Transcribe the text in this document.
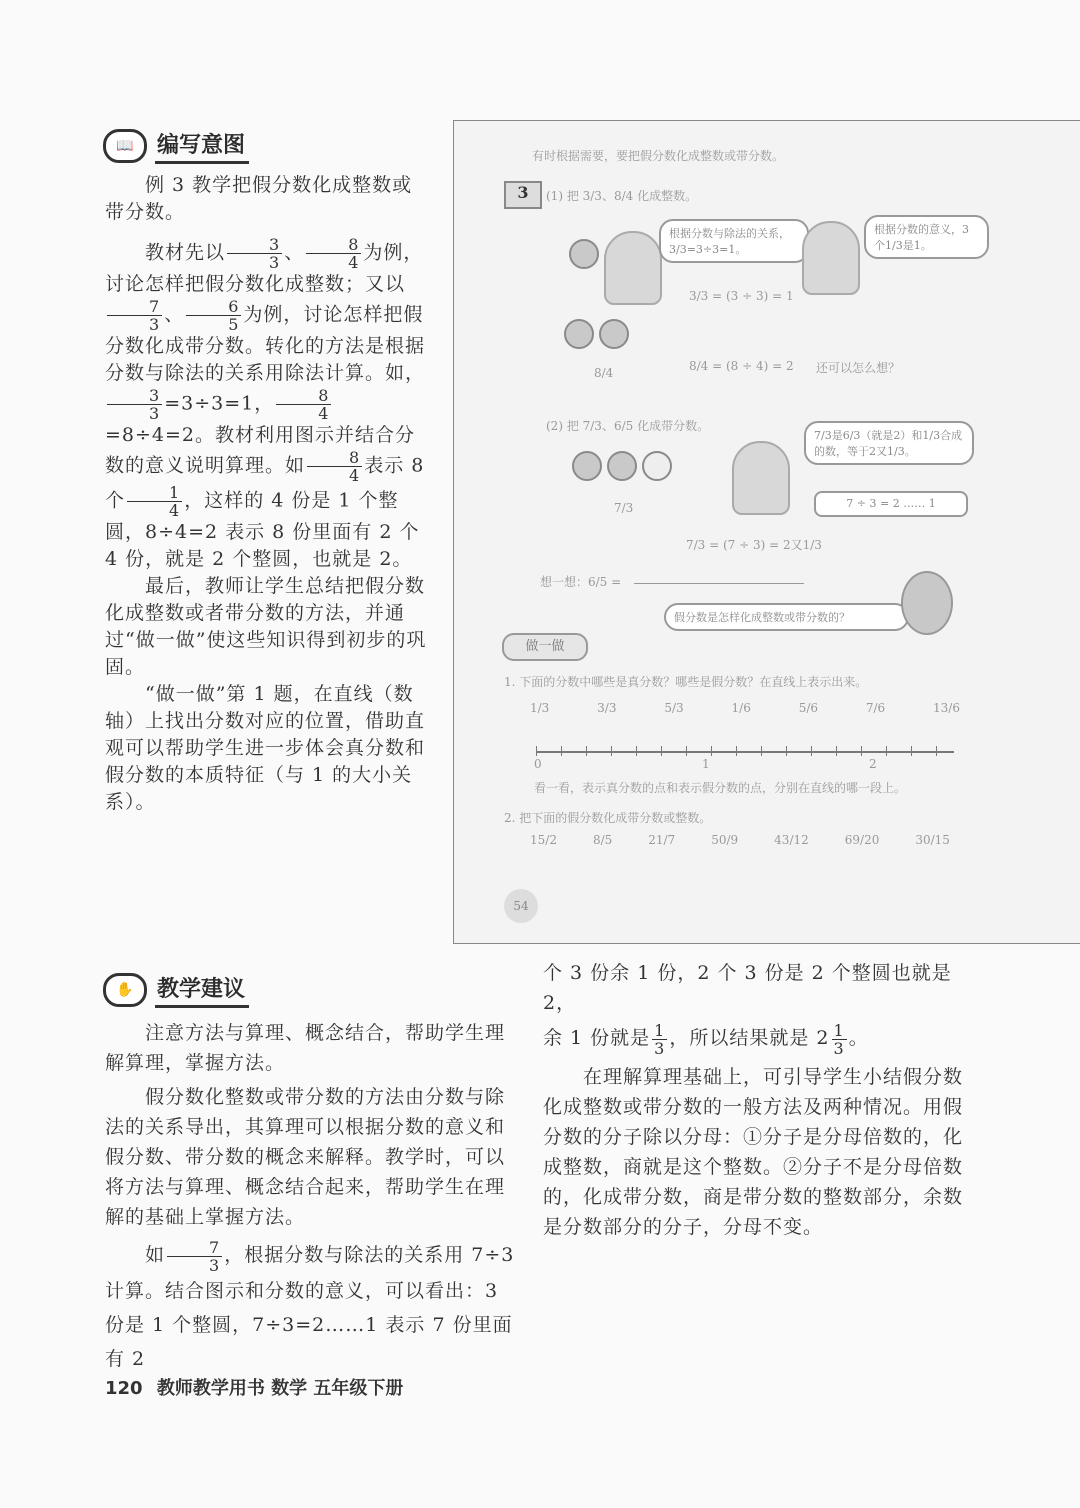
📖	编写意图

例 3 教学把假分数化成整数或带分数。

教材先以 $\frac{3}{3}$ 、 $\frac{8}{4}$ 为例，讨论怎样把假分数化成整数；又以
$\frac{7}{3}$ 、 $\frac{6}{5}$ 为例，讨论怎样把假分数化成带分数。转化的方法是根据分数与除法的关系用除法计算。如，
$\frac{3}{3} =3\div 3=1$， $\frac{8}{4}$
=8÷4=2。教材利用图示并结合分数的意义说明算理。如 $\frac{8}{4}$ 表示 8 个 $\frac{1}{4}$ ，这样的 4 份是 1 个整圆，8÷4=2 表示 8 份里面有 2 个 4 份，就是 2 个整圆，也就是 2。

最后，教师让学生总结把假分数化成整数或者带分数的方法，并通过“做一做”使这些知识得到初步的巩固。

“做一做”第 1 题，在直线（数轴）上找出分数对应的位置，借助直观可以帮助学生进一步体会真分数和假分数的本质特征（与 1 的大小关系）。

有时根据需要，要把假分数化成整数或带分数。
3	(1) 把 3/3、8/4 化成整数。
根据分数与除法的关系，3/3=3÷3=1。
根据分数的意义，3个1/3是1。
3/3 = (3 ÷ 3) = 1

8/4	8/4 = (8 ÷ 4) = 2 还可以怎么想？
(2) 把 7/3、6/5 化成带分数。

7/3
7/3是6/3（就是2）和1/3合成的数，等于2又1/3。
7 ÷ 3 = 2 …… 1
7/3 = (7 ÷ 3) = 2又1/3
想一想：6/5 =
假分数是怎样化成整数或带分数的？
做一做
1. 下面的分数中哪些是真分数？哪些是假分数？在直线上表示出来。
1/3	3/3	5/3	1/6	5/6	7/6	13/6
0	1	2
看一看，表示真分数的点和表示假分数的点，分别在直线的哪一段上。
2. 把下面的假分数化成带分数或整数。
15/2	8/5	21/7	50/9	43/12	69/20	30/15
54
✋	教学建议

注意方法与算理、概念结合，帮助学生理解算理，掌握方法。

假分数化整数或带分数的方法由分数与除法的关系导出，其算理可以根据分数的意义和假分数、带分数的概念来解释。教学时，可以将方法与算理、概念结合起来，帮助学生在理解的基础上掌握方法。

如 $\frac{7}{3}$ ，根据分数与除法的关系用 7÷3 计算。结合图示和分数的意义，可以看出：3 份是 1 个整圆，7÷3=2……1 表示 7 份里面有 2

个 3 份余 1 份，2 个 3 份是 2 个整圆也就是 2，

余 1 份就是 $\frac{1}{3}$ ，所以结果就是 $2 \frac{1}{3}$ 。

在理解算理基础上，可引导学生小结假分数化成整数或带分数的一般方法及两种情况。用假分数的分子除以分母：①分子是分母倍数的，化成整数，商就是这个整数。②分子不是分母倍数的，化成带分数，商是带分数的整数部分，余数是分数部分的分子，分母不变。

120 教师教学用书 数学 五年级下册
